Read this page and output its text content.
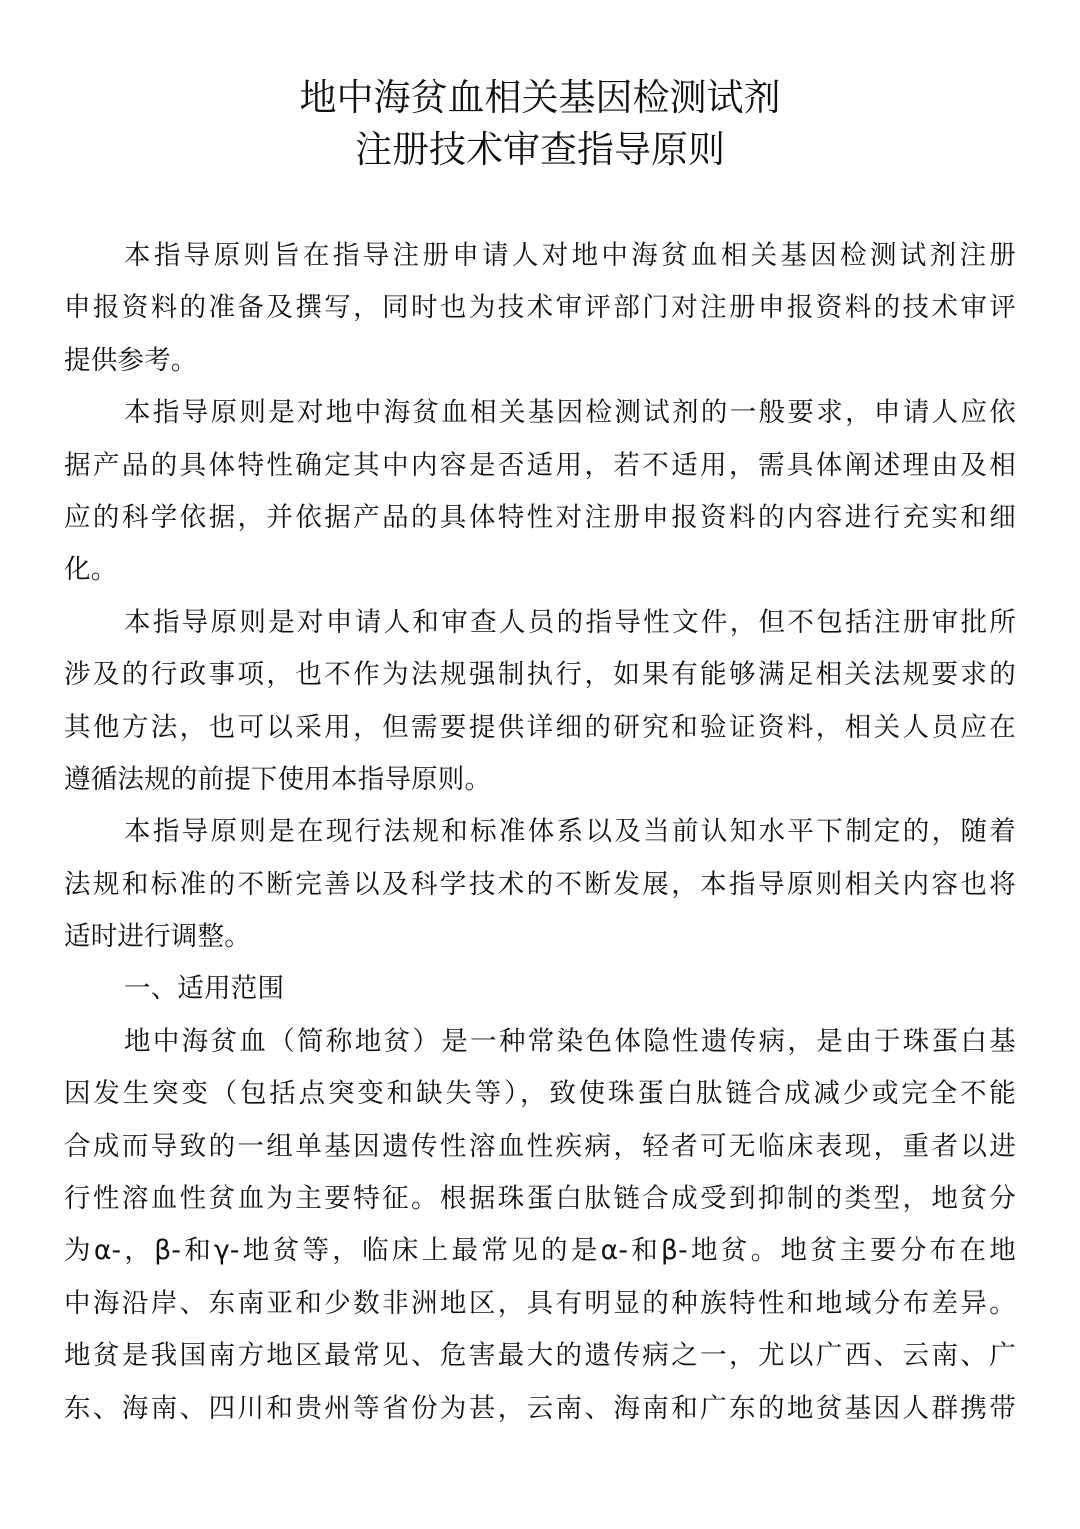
地中海贫血相关基因检测试剂
注册技术审查指导原则
本指导原则旨在指导注册申请人对地中海贫血相关基因检测试剂注册
申报资料的准备及撰写，同时也为技术审评部门对注册申报资料的技术审评
提供参考。
本指导原则是对地中海贫血相关基因检测试剂的一般要求，申请人应依
据产品的具体特性确定其中内容是否适用，若不适用，需具体阐述理由及相
应的科学依据，并依据产品的具体特性对注册申报资料的内容进行充实和细
化。
本指导原则是对申请人和审查人员的指导性文件，但不包括注册审批所
涉及的行政事项，也不作为法规强制执行，如果有能够满足相关法规要求的
其他方法，也可以采用，但需要提供详细的研究和验证资料，相关人员应在
遵循法规的前提下使用本指导原则。
本指导原则是在现行法规和标准体系以及当前认知水平下制定的，随着
法规和标准的不断完善以及科学技术的不断发展，本指导原则相关内容也将
适时进行调整。
一、适用范围
地中海贫血（简称地贫）是一种常染色体隐性遗传病，是由于珠蛋白基
因发生突变（包括点突变和缺失等），致使珠蛋白肽链合成减少或完全不能
合成而导致的一组单基因遗传性溶血性疾病，轻者可无临床表现，重者以进
行性溶血性贫血为主要特征。根据珠蛋白肽链合成受到抑制的类型，地贫分
为α-，β-和γ-地贫等，临床上最常见的是α-和β-地贫。地贫主要分布在地
中海沿岸、东南亚和少数非洲地区，具有明显的种族特性和地域分布差异。
地贫是我国南方地区最常见、危害最大的遗传病之一，尤以广西、云南、广
东、海南、四川和贵州等省份为甚，云南、海南和广东的地贫基因人群携带
